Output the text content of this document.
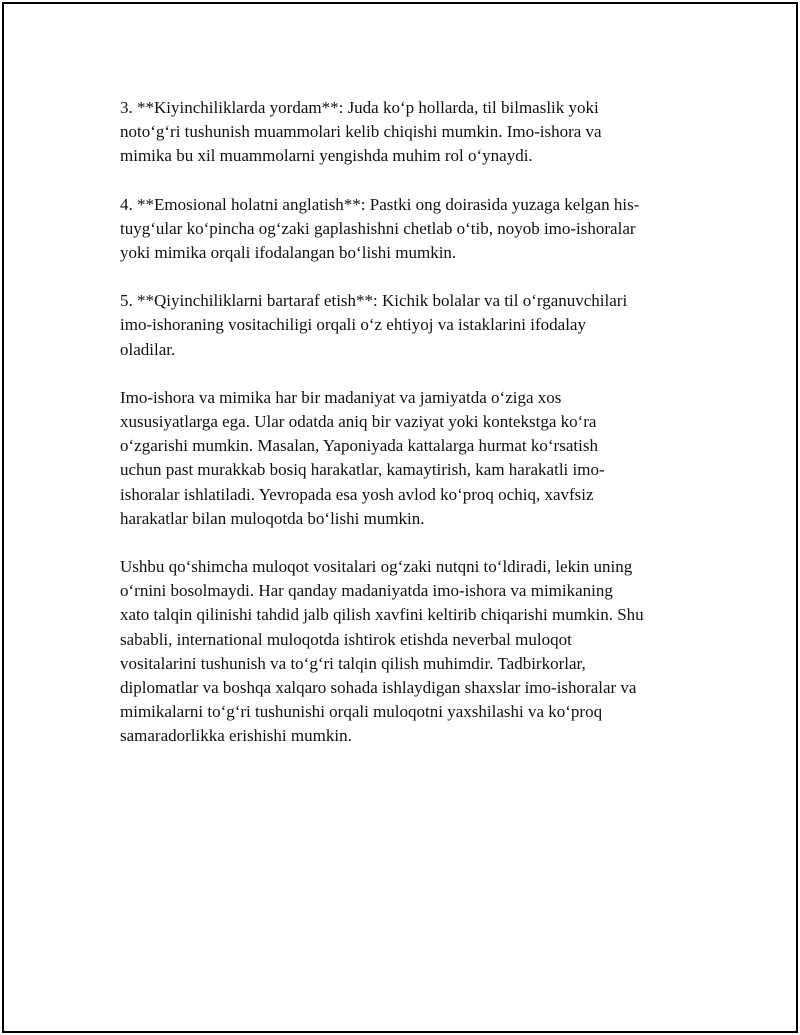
3. **Kiyinchiliklarda yordam**: Juda koʻp hollarda, til bilmaslik yoki
notoʻgʻri tushunish muammolari kelib chiqishi mumkin. Imo-ishora va
mimika bu xil muammolarni yengishda muhim rol oʻynaydi.

4. **Emosional holatni anglatish**: Pastki ong doirasida yuzaga kelgan his-
tuygʻular koʻpincha ogʻzaki gaplashishni chetlab oʻtib, noyob imo-ishoralar
yoki mimika orqali ifodalangan boʻlishi mumkin.

5. **Qiyinchiliklarni bartaraf etish**: Kichik bolalar va til oʻrganuvchilari
imo-ishoraning vositachiligi orqali oʻz ehtiyoj va istaklarini ifodalay
oladilar.

Imo-ishora va mimika har bir madaniyat va jamiyatda oʻziga xos
xususiyatlarga ega. Ular odatda aniq bir vaziyat yoki kontekstga koʻra
oʻzgarishi mumkin. Masalan, Yaponiyada kattalarga hurmat koʻrsatish
uchun past murakkab bosiq harakatlar, kamaytirish, kam harakatli imo-
ishoralar ishlatiladi. Yevropada esa yosh avlod koʻproq ochiq, xavfsiz
harakatlar bilan muloqotda boʻlishi mumkin.

Ushbu qoʻshimcha muloqot vositalari ogʻzaki nutqni toʻldiradi, lekin uning
oʻrnini bosolmaydi. Har qanday madaniyatda imo-ishora va mimikaning
xato talqin qilinishi tahdid jalb qilish xavfini keltirib chiqarishi mumkin. Shu
sababli, international muloqotda ishtirok etishda neverbal muloqot
vositalarini tushunish va toʻgʻri talqin qilish muhimdir. Tadbirkorlar,
diplomatlar va boshqa xalqaro sohada ishlaydigan shaxslar imo-ishoralar va
mimikalarni toʻgʻri tushunishi orqali muloqotni yaxshilashi va koʻproq
samaradorlikka erishishi mumkin.
